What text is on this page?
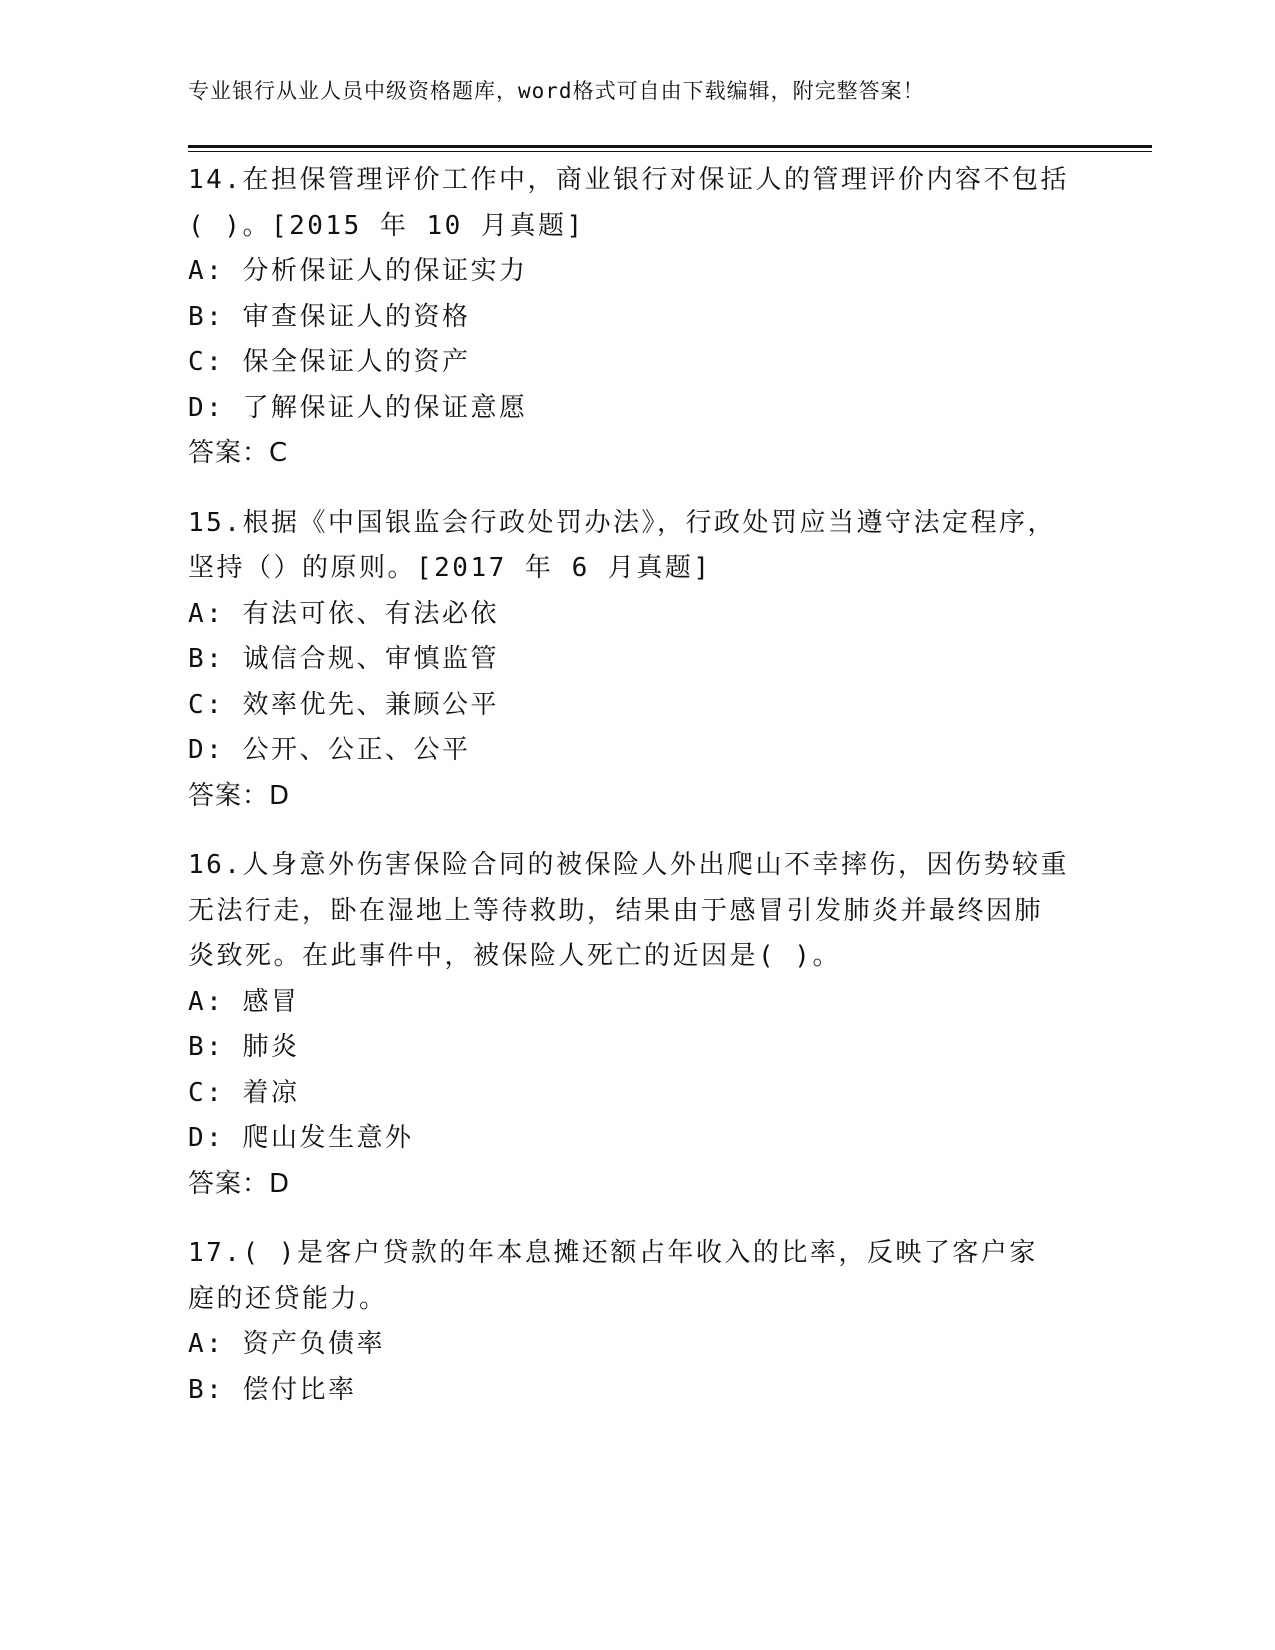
专业银行从业人员中级资格题库，word格式可自由下载编辑，附完整答案！
14.在担保管理评价工作中，商业银行对保证人的管理评价内容不包括
( )。[2015 年 10 月真题]
A: 分析保证人的保证实力
B: 审查保证人的资格
C: 保全保证人的资产
D: 了解保证人的保证意愿
答案：C
15.根据《中国银监会行政处罚办法》，行政处罚应当遵守法定程序，
坚持（）的原则。[2017 年 6 月真题]
A: 有法可依、有法必依
B: 诚信合规、审慎监管
C: 效率优先、兼顾公平
D: 公开、公正、公平
答案：D
16.人身意外伤害保险合同的被保险人外出爬山不幸摔伤，因伤势较重
无法行走，卧在湿地上等待救助，结果由于感冒引发肺炎并最终因肺
炎致死。在此事件中，被保险人死亡的近因是( )。
A: 感冒
B: 肺炎
C: 着凉
D: 爬山发生意外
答案：D
17.( )是客户贷款的年本息摊还额占年收入的比率，反映了客户家
庭的还贷能力。
A: 资产负债率
B: 偿付比率
